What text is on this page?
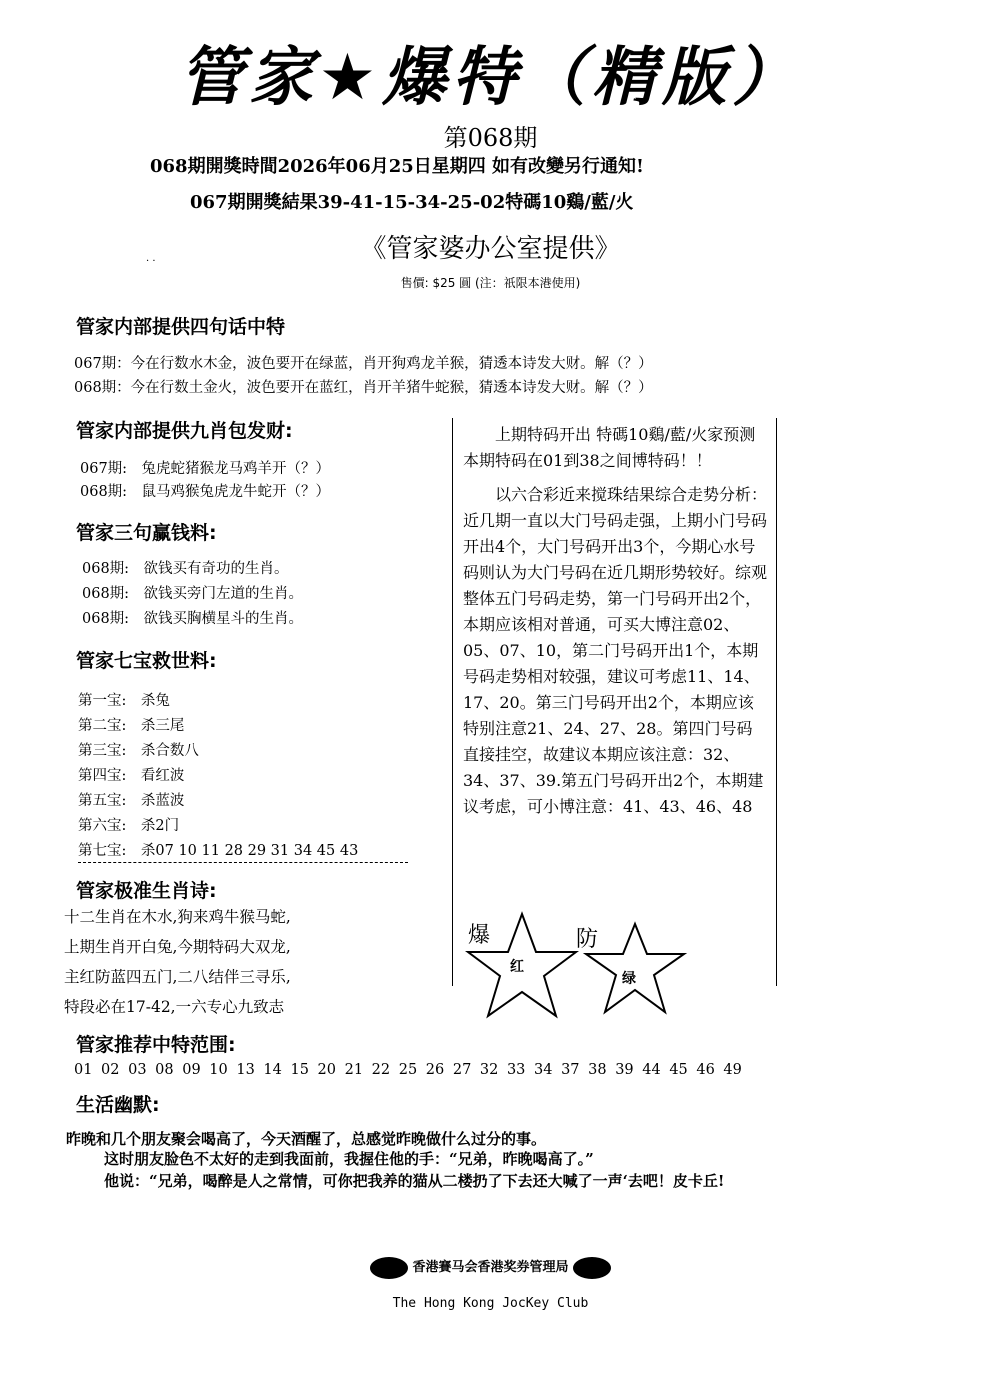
管家★爆特（精版）
第068期
068期開獎時間2026年06月25日星期四 如有改變另行通知!
067期開獎結果39-41-15-34-25-02特碼10鷄/藍/火
《管家婆办公室提供》
· ·
售價: $25 圓 (注：祇限本港使用)
管家内部提供四句话中特
067期：今在行数水木金，波色要开在绿蓝，肖开狗鸡龙羊猴，猜透本诗发大财。解（？）
068期：今在行数土金火，波色要开在蓝红，肖开羊猪牛蛇猴，猜透本诗发大财。解（？）
管家内部提供九肖包发财:
067期:　兔虎蛇猪猴龙马鸡羊开（？）
068期:　鼠马鸡猴兔虎龙牛蛇开（？）
管家三句赢钱料:
068期:　欲钱买有奇功的生肖。
068期:　欲钱买旁门左道的生肖。
068期:　欲钱买胸横星斗的生肖。
管家七宝救世料:
第一宝:　杀兔
第二宝:　杀三尾
第三宝:　杀合数八
第四宝:　看红波
第五宝:　杀蓝波
第六宝:　杀2门
第七宝:　杀07 10 11 28 29 31 34 45 43
管家极准生肖诗:
十二生肖在木水,狗来鸡牛猴马蛇,
上期生肖开白兔,今期特码大双龙,
主红防蓝四五门,二八结伴三寻乐,
特段必在17-42,一六专心九致志

上期特码开出 特碼10鷄/藍/火家预测本期特码在01到38之间博特码！！

以六合彩近来搅珠结果综合走势分析：近几期一直以大门号码走强，上期小门号码开出4个，大门号码开出3个，今期心水号码则认为大门号码在近几期形势较好。综观整体五门号码走势，第一门号码开出2个，本期应该相对普通，可买大博注意02、05、07、10，第二门号码开出1个，本期号码走势相对较强，建议可考虑11、14、17、20。第三门号码开出2个，本期应该特别注意21、24、27、28。第四门号码直接挂空，故建议本期应该注意：32、34、37、39.第五门号码开出2个，本期建议考虑，可小博注意：41、43、46、48

爆
红
防
绿
管家推荐中特范围:
01 02 03 08 09 10 13 14 15 20 21 22 25 26 27 32 33 34 37 38 39 44 45 46 49
生活幽默:
昨晚和几个朋友聚会喝高了，今天酒醒了，总感觉昨晚做什么过分的事。
这时朋友脸色不太好的走到我面前，我握住他的手：“兄弟，昨晚喝高了。”
他说：“兄弟，喝醉是人之常情，可你把我养的猫从二楼扔了下去还大喊了一声‘去吧！皮卡丘!
香港賽马会香港奖券管理局
The Hong Kong JocKey Club
